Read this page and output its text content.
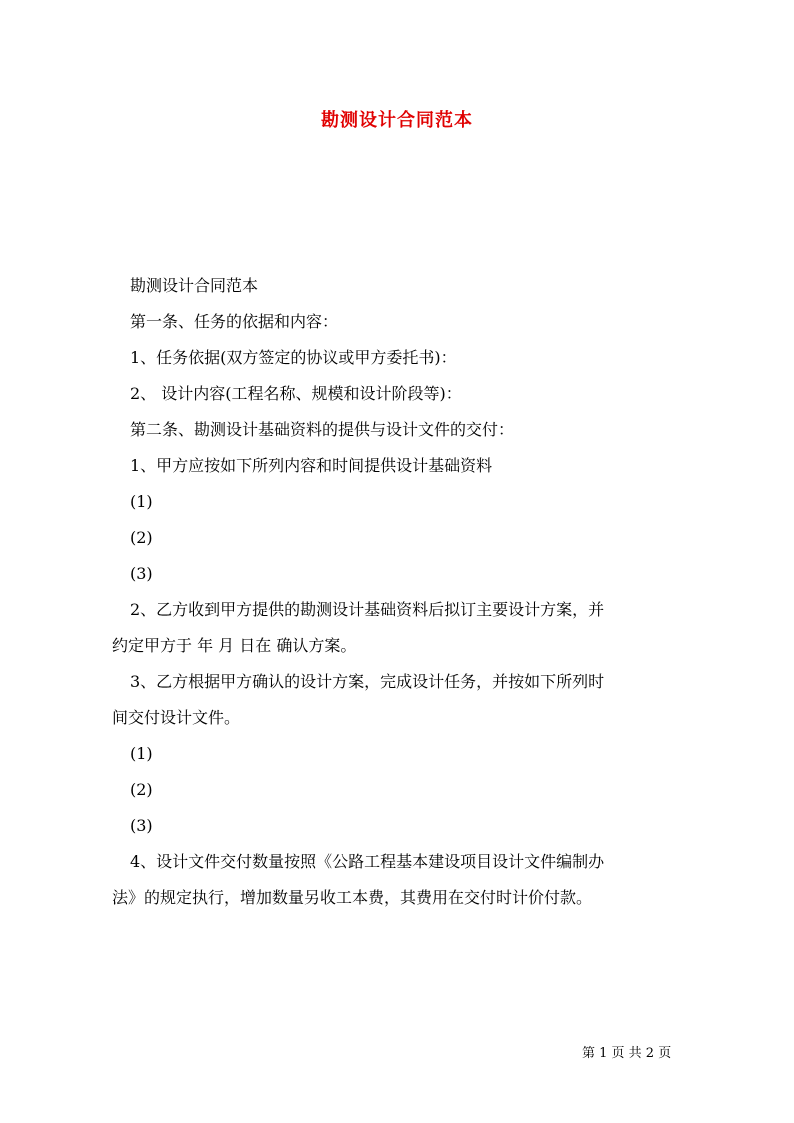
勘测设计合同范本

勘测设计合同范本

第一条、任务的依据和内容：

1、任务依据(双方签定的协议或甲方委托书)：

2、 设计内容(工程名称、规模和设计阶段等)：

第二条、勘测设计基础资料的提供与设计文件的交付：

1、甲方应按如下所列内容和时间提供设计基础资料

(1)

(2)

(3)

2、乙方收到甲方提供的勘测设计基础资料后拟订主要设计方案，并

约定甲方于 年 月 日在 确认方案。

3、乙方根据甲方确认的设计方案，完成设计任务，并按如下所列时

间交付设计文件。

(1)

(2)

(3)

4、设计文件交付数量按照《公路工程基本建设项目设计文件编制办

法》的规定执行，增加数量另收工本费，其费用在交付时计价付款。

第 1 页 共 2 页
